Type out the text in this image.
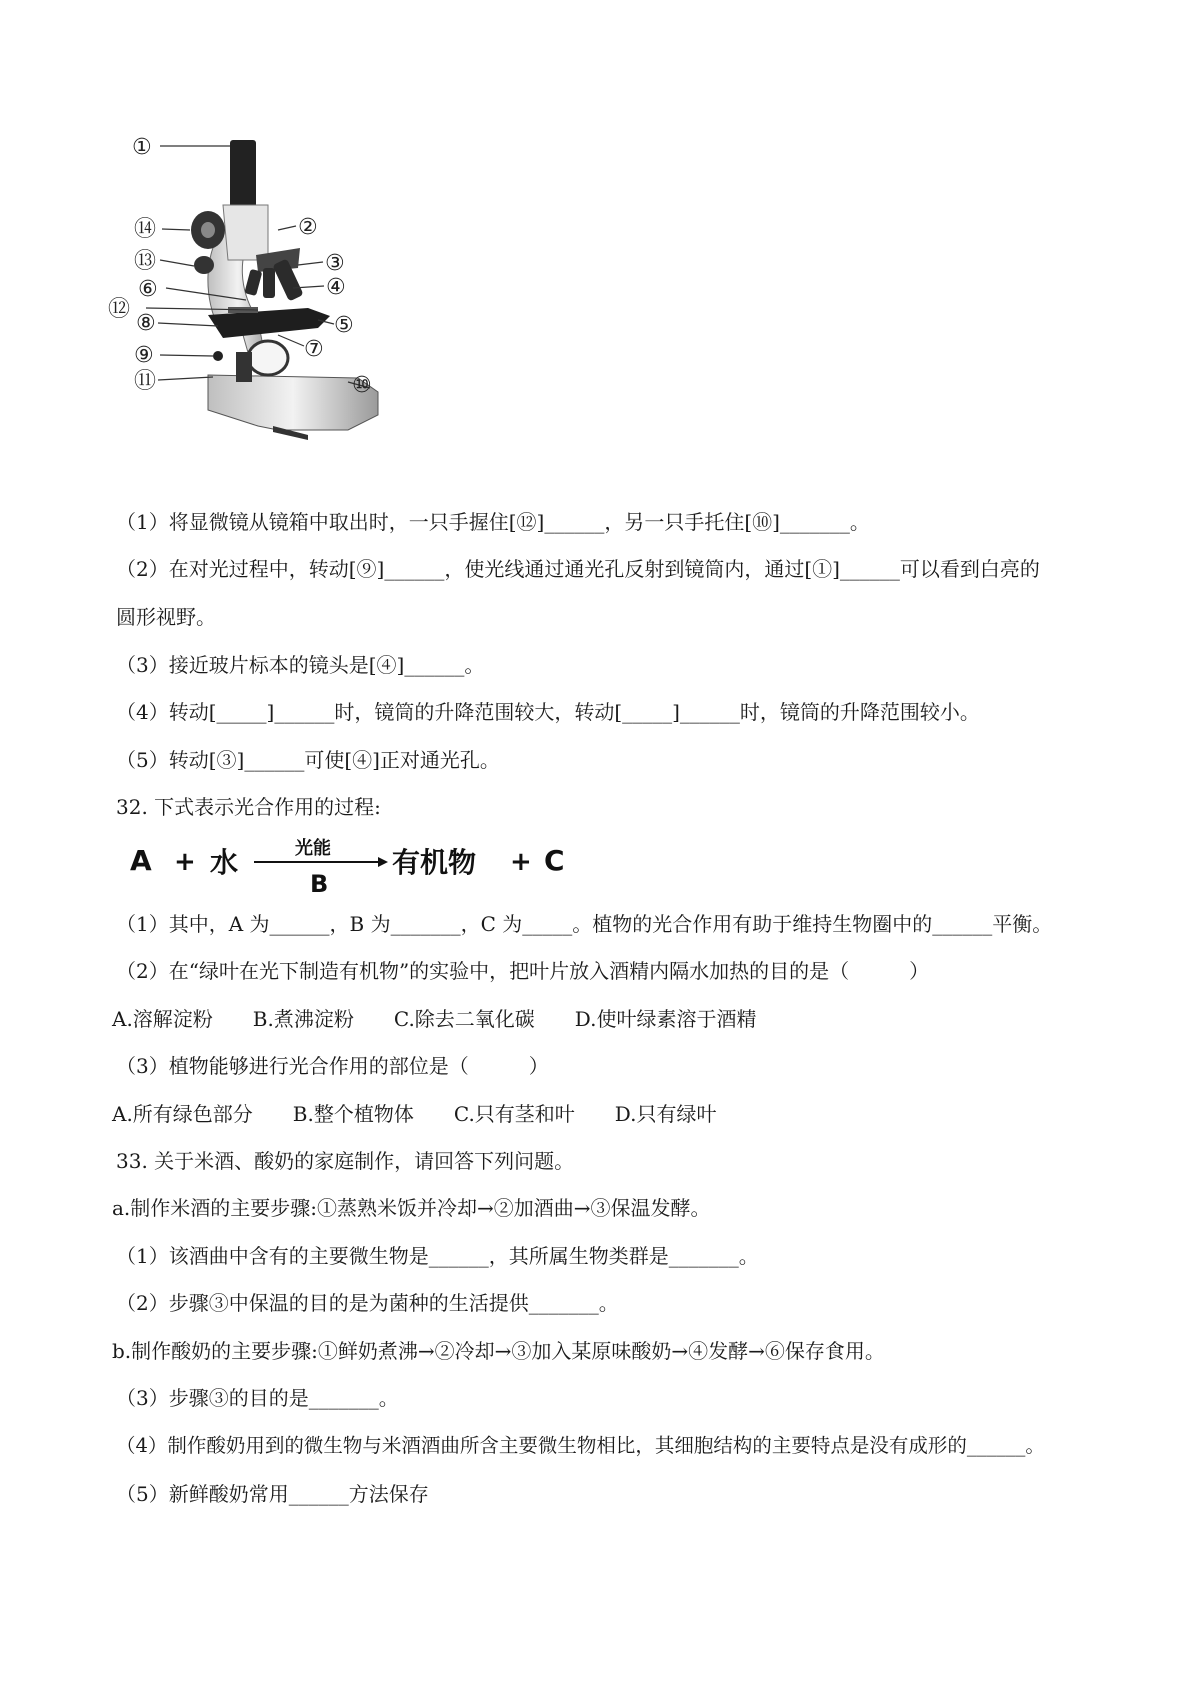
①
②
③
④
⑤
⑥
⑦
⑧
⑨
⑩
⑪
⑫
⑬
⑭
（1）将显微镜从镜箱中取出时，一只手握住[⑫]______，另一只手托住[⑩]_______。
（2）在对光过程中，转动[⑨]______，使光线通过通光孔反射到镜筒内，通过[①]______可以看到白亮的
圆形视野。
（3）接近玻片标本的镜头是[④]______。
（4）转动[_____]______时，镜筒的升降范围较大，转动[_____]______时，镜筒的升降范围较小。
（5）转动[③]______可使[④]正对通光孔。
32. 下式表示光合作用的过程:
A + 水	光能
B
有机物 + C
（1）其中，A 为______，B 为_______，C 为_____。植物的光合作用有助于维持生物圈中的______平衡。
（2）在“绿叶在光下制造有机物”的实验中，把叶片放入酒精内隔水加热的目的是（　　　）
A.溶解淀粉　　B.煮沸淀粉　　C.除去二氧化碳　　D.使叶绿素溶于酒精
（3）植物能够进行光合作用的部位是（　　　）
A.所有绿色部分　　B.整个植物体　　C.只有茎和叶　　D.只有绿叶
33. 关于米酒、酸奶的家庭制作，请回答下列问题。
a.制作米酒的主要步骤:①蒸熟米饭并冷却→②加酒曲→③保温发酵。
（1）该酒曲中含有的主要微生物是______，其所属生物类群是_______。
（2）步骤③中保温的目的是为菌种的生活提供_______。
b.制作酸奶的主要步骤:①鲜奶煮沸→②冷却→③加入某原味酸奶→④发酵→⑥保存食用。
（3）步骤③的目的是_______。
（4）制作酸奶用到的微生物与米酒酒曲所含主要微生物相比，其细胞结构的主要特点是没有成形的______。
（5）新鲜酸奶常用______方法保存
